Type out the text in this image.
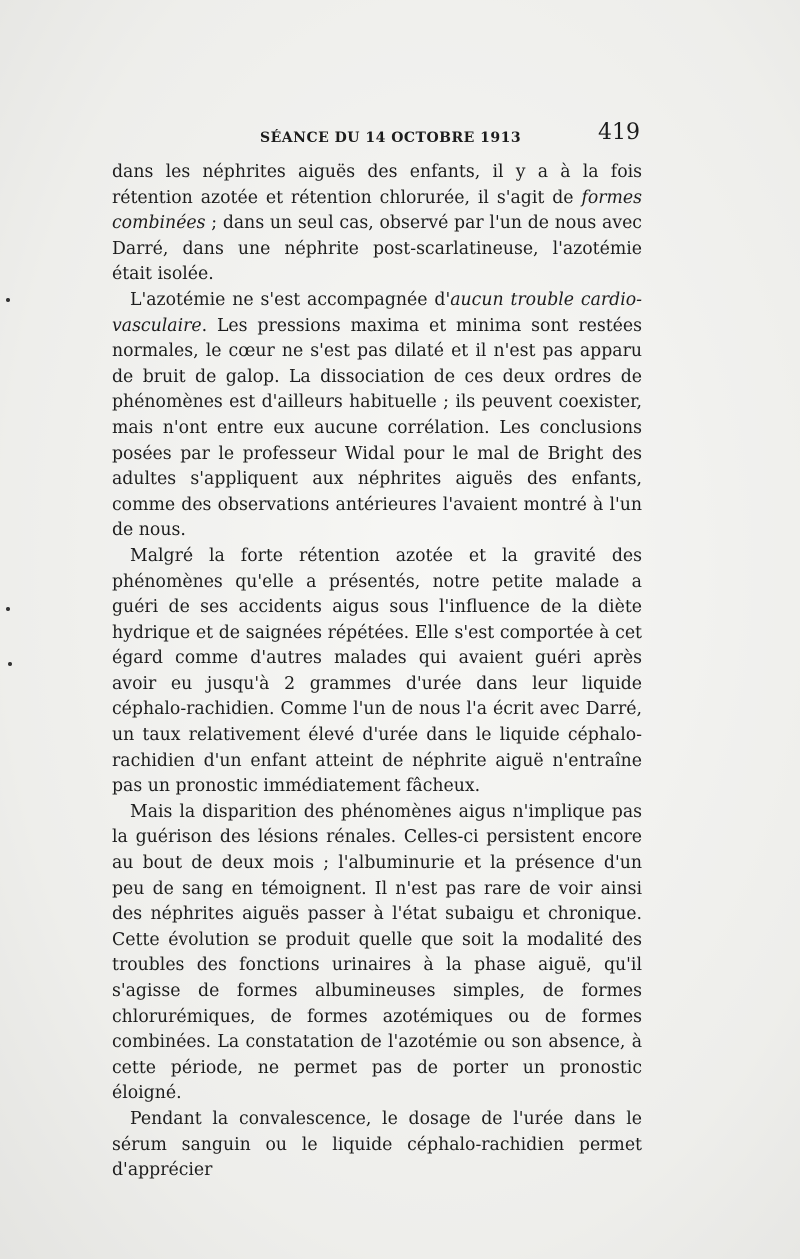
SÉANCE DU 14 OCTOBRE 1913	419

dans les néphrites aiguës des enfants, il y a à la fois rétention azotée et rétention chlorurée, il s'agit de formes combinées ; dans un seul cas, observé par l'un de nous avec Darré, dans une néphrite post-scarlatineuse, l'azotémie était isolée.

L'azotémie ne s'est accompagnée d'aucun trouble cardio-vasculaire. Les pressions maxima et minima sont restées normales, le cœur ne s'est pas dilaté et il n'est pas apparu de bruit de galop. La dissociation de ces deux ordres de phénomènes est d'ailleurs habituelle ; ils peuvent coexister, mais n'ont entre eux aucune corrélation. Les conclusions posées par le professeur Widal pour le mal de Bright des adultes s'appliquent aux néphrites aiguës des enfants, comme des observations antérieures l'avaient montré à l'un de nous.

Malgré la forte rétention azotée et la gravité des phénomènes qu'elle a présentés, notre petite malade a guéri de ses accidents aigus sous l'influence de la diète hydrique et de saignées répétées. Elle s'est comportée à cet égard comme d'autres malades qui avaient guéri après avoir eu jusqu'à 2 grammes d'urée dans leur liquide céphalo-rachidien. Comme l'un de nous l'a écrit avec Darré, un taux relativement élevé d'urée dans le liquide céphalo-rachidien d'un enfant atteint de néphrite aiguë n'entraîne pas un pronostic immédiatement fâcheux.

Mais la disparition des phénomènes aigus n'implique pas la guérison des lésions rénales. Celles-ci persistent encore au bout de deux mois ; l'albuminurie et la présence d'un peu de sang en témoignent. Il n'est pas rare de voir ainsi des néphrites aiguës passer à l'état subaigu et chronique. Cette évolution se produit quelle que soit la modalité des troubles des fonctions urinaires à la phase aiguë, qu'il s'agisse de formes albumineuses simples, de formes chlorurémiques, de formes azotémiques ou de formes combinées. La constatation de l'azotémie ou son absence, à cette période, ne permet pas de porter un pronostic éloigné.

Pendant la convalescence, le dosage de l'urée dans le sérum sanguin ou le liquide céphalo-rachidien permet d'apprécier
